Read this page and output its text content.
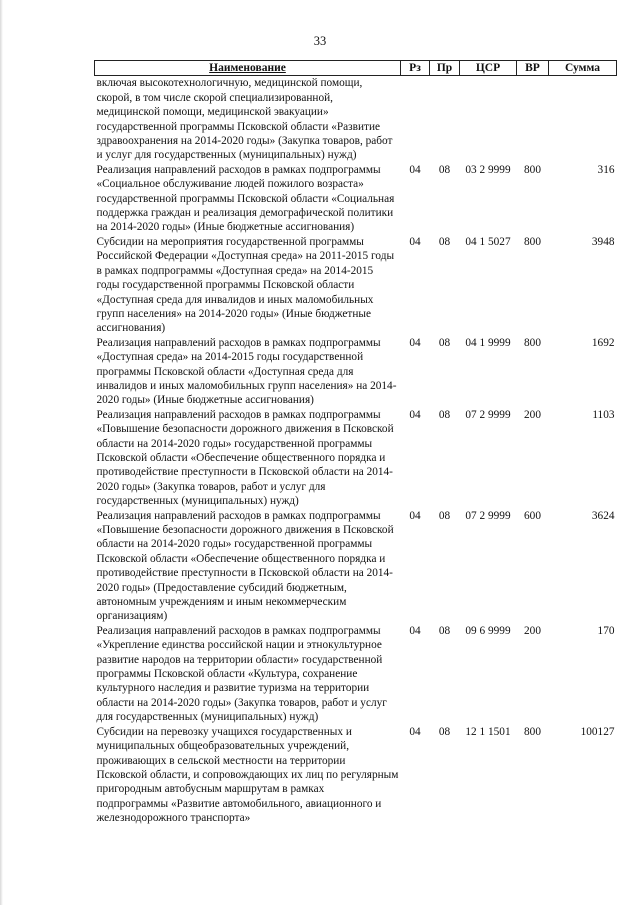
33
Наименование	Рз	Пр	ЦСР	ВР	Сумма
включая высокотехнологичную, медицинской помощи, скорой, в том числе скорой специализированной, медицинской помощи, медицинской эвакуации» государственной программы Псковской области «Развитие здравоохранения на 2014-2020 годы» (Закупка товаров, работ и услуг для государственных (муниципальных) нужд)					
Реализация направлений расходов в рамках подпрограммы «Социальное обслуживание людей пожилого возраста» государственной программы Псковской области «Социальная поддержка граждан и реализация демографической политики на 2014-2020 годы» (Иные бюджетные ассигнования)	04	08	03 2 9999	800	316
Субсидии на мероприятия государственной программы Российской Федерации «Доступная среда» на 2011-2015 годы в рамках подпрограммы «Доступная среда» на 2014-2015 годы государственной программы Псковской области «Доступная среда для инвалидов и иных маломобильных групп населения» на 2014-2020 годы» (Иные бюджетные ассигнования)	04	08	04 1 5027	800	3948
Реализация направлений расходов в рамках подпрограммы «Доступная среда» на 2014-2015 годы государственной программы Псковской области «Доступная среда для инвалидов и иных маломобильных групп населения» на 2014-2020 годы» (Иные бюджетные ассигнования)	04	08	04 1 9999	800	1692
Реализация направлений расходов в рамках подпрограммы «Повышение безопасности дорожного движения в Псковской области на 2014-2020 годы» государственной программы Псковской области «Обеспечение общественного порядка и противодействие преступности в Псковской области на 2014-2020 годы» (Закупка товаров, работ и услуг для государственных (муниципальных) нужд)	04	08	07 2 9999	200	1103
Реализация направлений расходов в рамках подпрограммы «Повышение безопасности дорожного движения в Псковской области на 2014-2020 годы» государственной программы Псковской области «Обеспечение общественного порядка и противодействие преступности в Псковской области на 2014-2020 годы» (Предоставление субсидий бюджетным, автономным учреждениям и иным некоммерческим организациям)	04	08	07 2 9999	600	3624
Реализация направлений расходов в рамках подпрограммы «Укрепление единства российской нации и этнокультурное развитие народов на территории области» государственной программы Псковской области «Культура, сохранение культурного наследия и развитие туризма на территории области на 2014-2020 годы» (Закупка товаров, работ и услуг для государственных (муниципальных) нужд)	04	08	09 6 9999	200	170
Субсидии на перевозку учащихся государственных и муниципальных общеобразовательных учреждений, проживающих в сельской местности на территории Псковской области, и сопровождающих их лиц по регулярным пригородным автобусным маршрутам в рамках подпрограммы «Развитие автомобильного, авиационного и железнодорожного транспорта»	04	08	12 1 1501	800	100127
